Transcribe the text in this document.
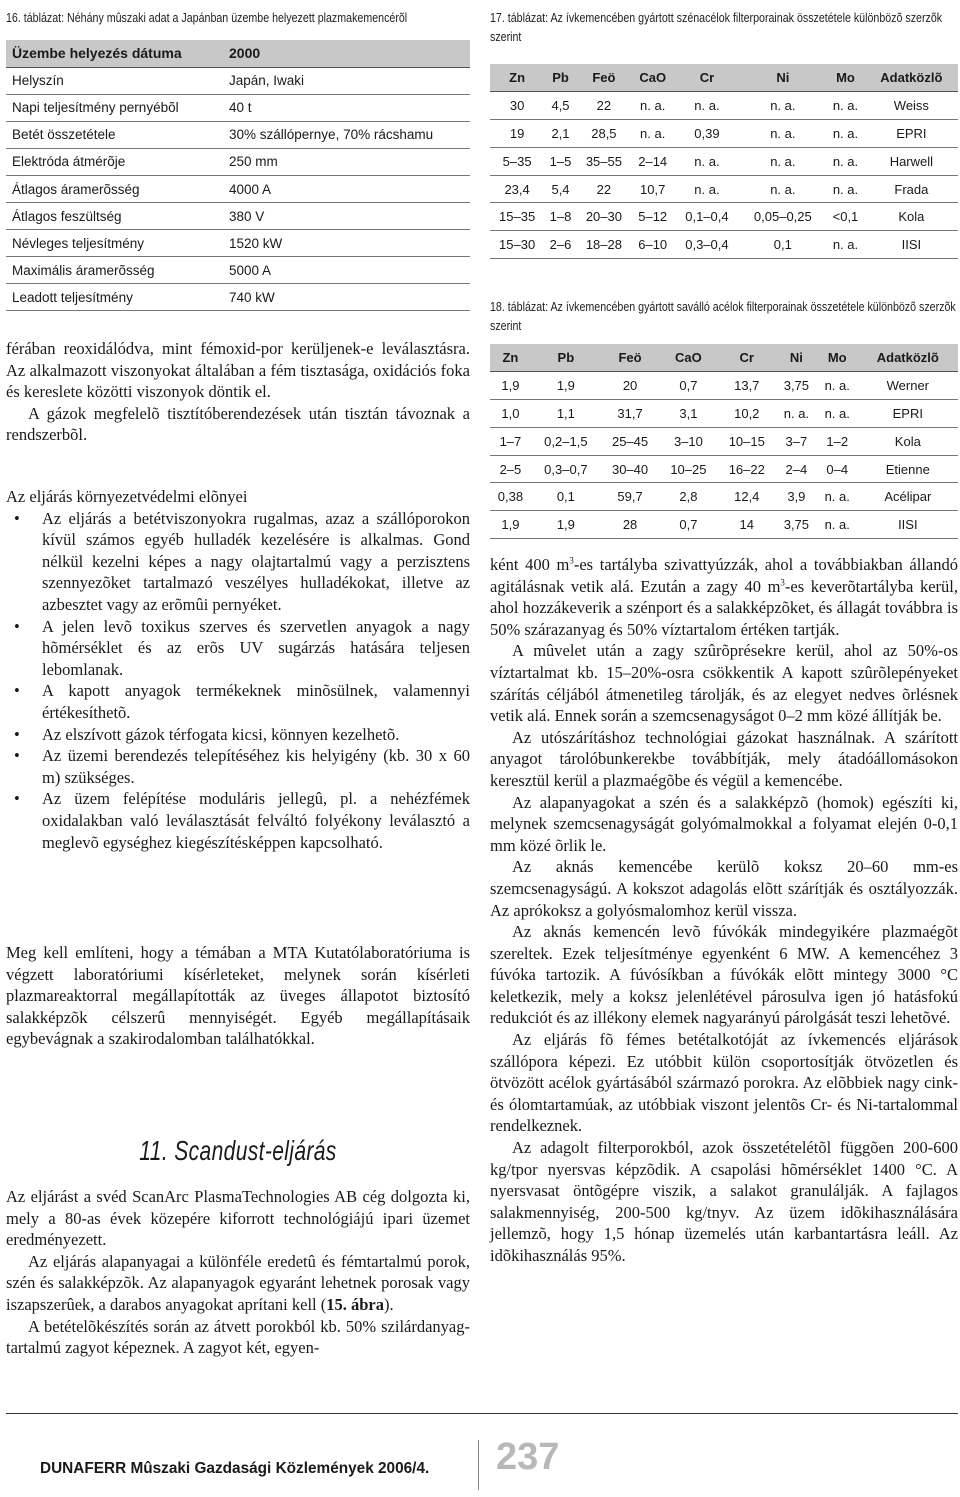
16. táblázat: Néhány mûszaki adat a Japánban üzembe helyezett plazmakemencérõl
Üzembe helyezés dátuma	2000
Helyszín	Japán, Iwaki
Napi teljesítmény pernyébõl	40 t
Betét összetétele	30% szállópernye, 70% rácshamu
Elektróda átmérõje	250 mm
Átlagos áramerõsség	4000 A
Átlagos feszültség	380 V
Névleges teljesítmény	1520 kW
Maximális áramerõsség	5000 A
Leadott teljesítmény	740 kW

férában reoxidálódva, mint fémoxid-por kerüljenek-e leválasztásra. Az alkalmazott viszonyokat általában a fém tisztasága, oxidációs foka és kereslete közötti viszonyok döntik el.

A gázok megfelelõ tisztítóberendezések után tisztán távoznak a rendszerbõl.

Az eljárás környezetvédelmi elõnyei

• Az eljárás a betétviszonyokra rugalmas, azaz a szállóporokon kívül számos egyéb hulladék kezelésére is alkalmas. Gond nélkül kezelni képes a nagy olajtartalmú vagy a perzisztens szennyezõket tartalmazó veszélyes hulladékokat, illetve az azbesztet vagy az erõmûi pernyéket.
• A jelen levõ toxikus szerves és szervetlen anyagok a nagy hõmérséklet és az erõs UV sugárzás hatására teljesen lebomlanak.
• A kapott anyagok termékeknek minõsülnek, valamennyi értékesíthetõ.
• Az elszívott gázok térfogata kicsi, könnyen kezelhetõ.
• Az üzemi berendezés telepítéséhez kis helyigény (kb. 30 x 60 m) szükséges.
• Az üzem felépítése moduláris jellegû, pl. a nehézfémek oxidalakban való leválasztását felváltó folyékony leválasztó a meglevõ egységhez kiegészítésképpen kapcsolható.

Meg kell említeni, hogy a témában a MTA Kutatólaboratóriuma is végzett laboratóriumi kísérleteket, melynek során kísérleti plazmareaktorral megállapították az üveges állapotot biztosító salakképzõk célszerû mennyiségét. Egyéb megállapításaik egybevágnak a szakirodalomban találhatókkal.

11. Scandust-eljárás

Az eljárást a svéd ScanArc PlasmaTechnologies AB cég dolgozta ki, mely a 80-as évek közepére kiforrott technológiájú ipari üzemet eredményezett.

Az eljárás alapanyagai a különféle eredetû és fémtartalmú porok, szén és salakképzõk. Az alapanyagok egyaránt lehetnek porosak vagy iszapszerûek, a darabos anyagokat aprítani kell (15. ábra).

A betételõkészítés során az átvett porokból kb. 50% szilárdanyag-tartalmú zagyot képeznek. A zagyot két, egyen-

17. táblázat: Az ívkemencében gyártott szénacélok filterporainak összetétele különbözõ szerzõk szerint
Zn	Pb	Feö	CaO	Cr	Ni	Mo	Adatközlõ
30	4,5	22	n. a.	n. a.	n. a.	n. a.	Weiss
19	2,1	28,5	n. a.	0,39	n. a.	n. a.	EPRI
5–35	1–5	35–55	2–14	n. a.	n. a.	n. a.	Harwell
23,4	5,4	22	10,7	n. a.	n. a.	n. a.	Frada
15–35	1–8	20–30	5–12	0,1–0,4	0,05–0,25	<0,1	Kola
15–30	2–6	18–28	6–10	0,3–0,4	0,1	n. a.	IISI
18. táblázat: Az ívkemencében gyártott saválló acélok filterporainak összetétele különbözõ szerzõk szerint
Zn	Pb	Feö	CaO	Cr	Ni	Mo	Adatközlõ
1,9	1,9	20	0,7	13,7	3,75	n. a.	Werner
1,0	1,1	31,7	3,1	10,2	n. a.	n. a.	EPRI
1–7	0,2–1,5	25–45	3–10	10–15	3–7	1–2	Kola
2–5	0,3–0,7	30–40	10–25	16–22	2–4	0–4	Etienne
0,38	0,1	59,7	2,8	12,4	3,9	n. a.	Acélipar
1,9	1,9	28	0,7	14	3,75	n. a.	IISI

ként 400 $m^3-es$ tartályba szivattyúzzák, ahol a továbbiakban állandó agitálásnak vetik alá. Ezután a zagy 40 $m^3-es$ keverõtartályba kerül, ahol hozzákeverik a szénport és a salakképzõket, és állagát továbbra is 50% szárazanyag és 50% víztartalom értéken tartják.

A mûvelet után a zagy szûrõprésekre kerül, ahol az 50%-os víztartalmat kb. 15–20%-osra csökkentik A kapott szûrõlepényeket szárítás céljából átmenetileg tárolják, és az elegyet nedves õrlésnek vetik alá. Ennek során a szemcsenagyságot 0–2 mm közé állítják be.

Az utószárításhoz technológiai gázokat használnak. A szárított anyagot tárolóbunkerekbe továbbítják, mely átadóállomásokon keresztül kerül a plazmaégõbe és végül a kemencébe.

Az alapanyagokat a szén és a salakképzõ (homok) egészíti ki, melynek szemcsenagyságát golyómalmokkal a folyamat elején 0-0,1 mm közé õrlik le.

Az aknás kemencébe kerülõ koksz 20–60 mm-es szemcsenagyságú. A kokszot adagolás elõtt szárítják és osztályozzák. Az aprókoksz a golyósmalomhoz kerül vissza.

Az aknás kemencén levõ fúvókák mindegyikére plazmaégõt szereltek. Ezek teljesítménye egyenként 6 MW. A kemencéhez 3 fúvóka tartozik. A fúvósíkban a fúvókák elõtt mintegy 3000 °C keletkezik, mely a koksz jelenlétével párosulva igen jó hatásfokú redukciót és az illékony elemek nagyarányú párolgását teszi lehetõvé.

Az eljárás fõ fémes betétalkotóját az ívkemencés eljárások szállópora képezi. Ez utóbbit külön csoportosítják ötvözetlen és ötvözött acélok gyártásából származó porokra. Az elõbbiek nagy cink- és ólomtartamúak, az utóbbiak viszont jelentõs Cr- és Ni-tartalommal rendelkeznek.

Az adagolt filterporokból, azok összetételétõl függõen 200-600 kg/tpor nyersvas képzõdik. A csapolási hõmérséklet 1400 °C. A nyersvasat öntõgépre viszik, a salakot granulálják. A fajlagos salakmennyiség, 200-500 kg/tnyv. Az üzem idõkihasználására jellemzõ, hogy 1,5 hónap üzemelés után karbantartásra leáll. Az idõkihasználás 95%.

DUNAFERR Mûszaki Gazdasági Közlemények 2006/4. 237
